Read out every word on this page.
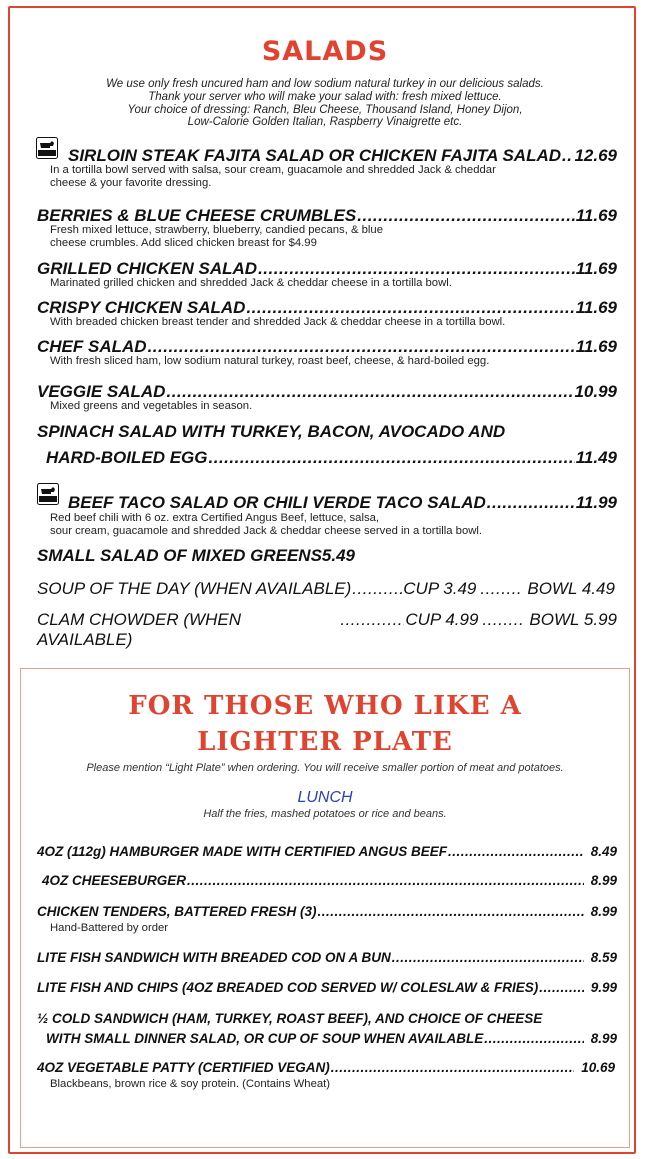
SALADS
We use only fresh uncured ham and low sodium natural turkey in our delicious salads.
Thank your server who will make your salad with: fresh mixed lettuce.
Your choice of dressing: Ranch, Bleu Cheese, Thousand Island, Honey Dijon,
Low-Calorie Golden Italian, Raspberry Vinaigrette etc.
SIRLOIN STEAK FAJITA SALAD OR CHICKEN FAJITA SALAD ..... 12.69
In a tortilla bowl served with salsa, sour cream, guacamole and shredded Jack & cheddar
cheese & your favorite dressing.
BERRIES & BLUE CHEESE CRUMBLES .....	11.69
Fresh mixed lettuce, strawberry, blueberry, candied pecans, & blue
cheese crumbles. Add sliced chicken breast for $4.99
GRILLED CHICKEN SALAD .....	11.69
Marinated grilled chicken and shredded Jack & cheddar cheese in a tortilla bowl.
CRISPY CHICKEN SALAD .....	11.69
With breaded chicken breast tender and shredded Jack & cheddar cheese in a tortilla bowl.
CHEF SALAD .....	11.69
With fresh sliced ham, low sodium natural turkey, roast beef, cheese, & hard-boiled egg.
VEGGIE SALAD .....	10.99
Mixed greens and vegetables in season.
SPINACH SALAD WITH TURKEY, BACON, AVOCADO AND
HARD-BOILED EGG .....	11.49
BEEF TACO SALAD OR CHILI VERDE TACO SALAD .....	11.99
Red beef chili with 6 oz. extra Certified Angus Beef, lettuce, salsa,
sour cream, guacamole and shredded Jack & cheddar cheese served in a tortilla bowl.
SMALL SALAD OF MIXED GREENS5.49
SOUP OF THE DAY (WHEN AVAILABLE) .....	CUP 3.49 .....	BOWL 4.49
CLAM CHOWDER (WHEN AVAILABLE)
.....
CUP 4.99 .....	BOWL 5.99
FOR THOSE WHO LIKE A
LIGHTER PLATE
Please mention “Light Plate” when ordering. You will receive smaller portion of meat and potatoes.
LUNCH
Half the fries, mashed potatoes or rice and beans.
4OZ (112g) HAMBURGER MADE WITH CERTIFIED ANGUS BEEF .....	8.49
4OZ CHEESEBURGER .....	8.99
CHICKEN TENDERS, BATTERED FRESH (3) .....	8.99
Hand-Battered by order
LITE FISH SANDWICH WITH BREADED COD ON A BUN .....	8.59
LITE FISH AND CHIPS (4OZ BREADED COD SERVED W/ COLESLAW & FRIES) .....	9.99
½ COLD SANDWICH (HAM, TURKEY, ROAST BEEF), AND CHOICE OF CHEESE
WITH SMALL DINNER SALAD, OR CUP OF SOUP WHEN AVAILABLE .....	8.99
4OZ VEGETABLE PATTY (CERTIFIED VEGAN) .....	10.69
Blackbeans, brown rice & soy protein. (Contains Wheat)
